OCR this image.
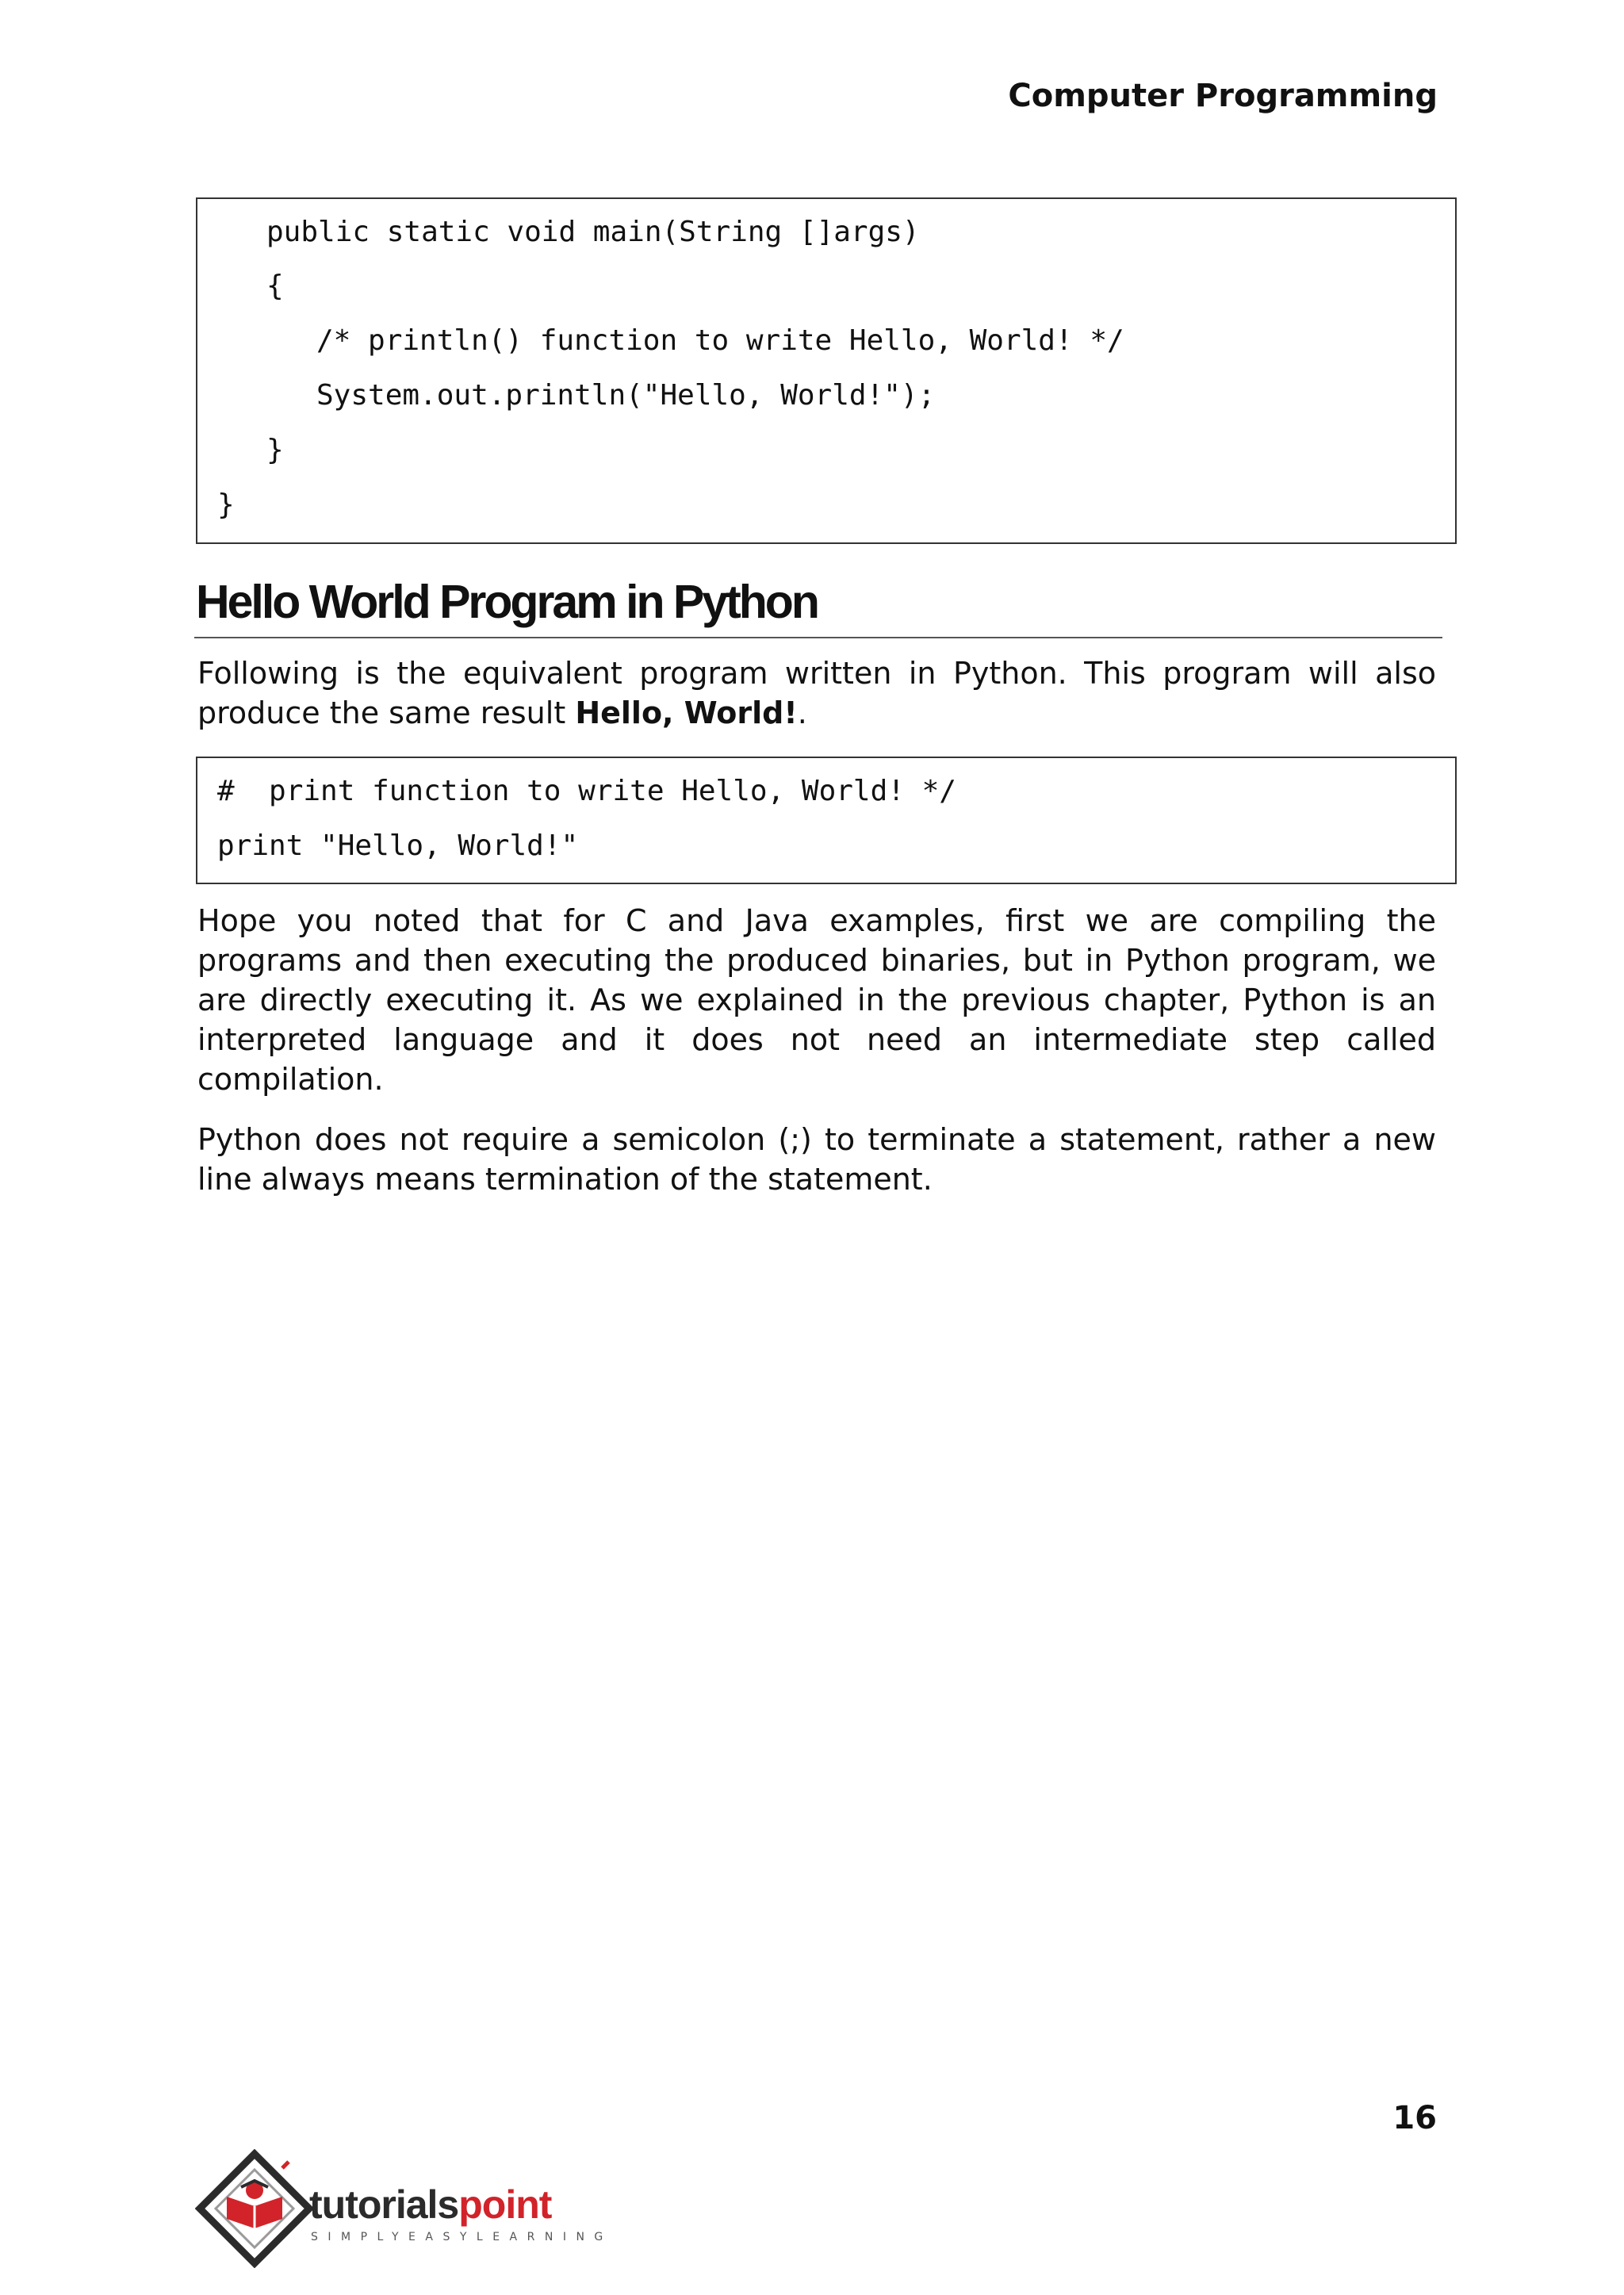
Computer Programming

public static void main(String []args)

{

/* println() function to write Hello, World! */

System.out.println("Hello, World!");

}

}

Hello World Program in Python
Following is the equivalent program written in Python. This program will also
produce the same result Hello, World!.

#  print function to write Hello, World! */

print "Hello, World!"

Hope you noted that for C and Java examples, first we are compiling the
programs and then executing the produced binaries, but in Python program, we
are directly executing it. As we explained in the previous chapter, Python is an
interpreted language and it does not need an intermediate step called
compilation.
Python does not require a semicolon (;) to terminate a statement, rather a new
line always means termination of the statement.
16
tutorialspoint
SIMPLYEASYLEARNING
